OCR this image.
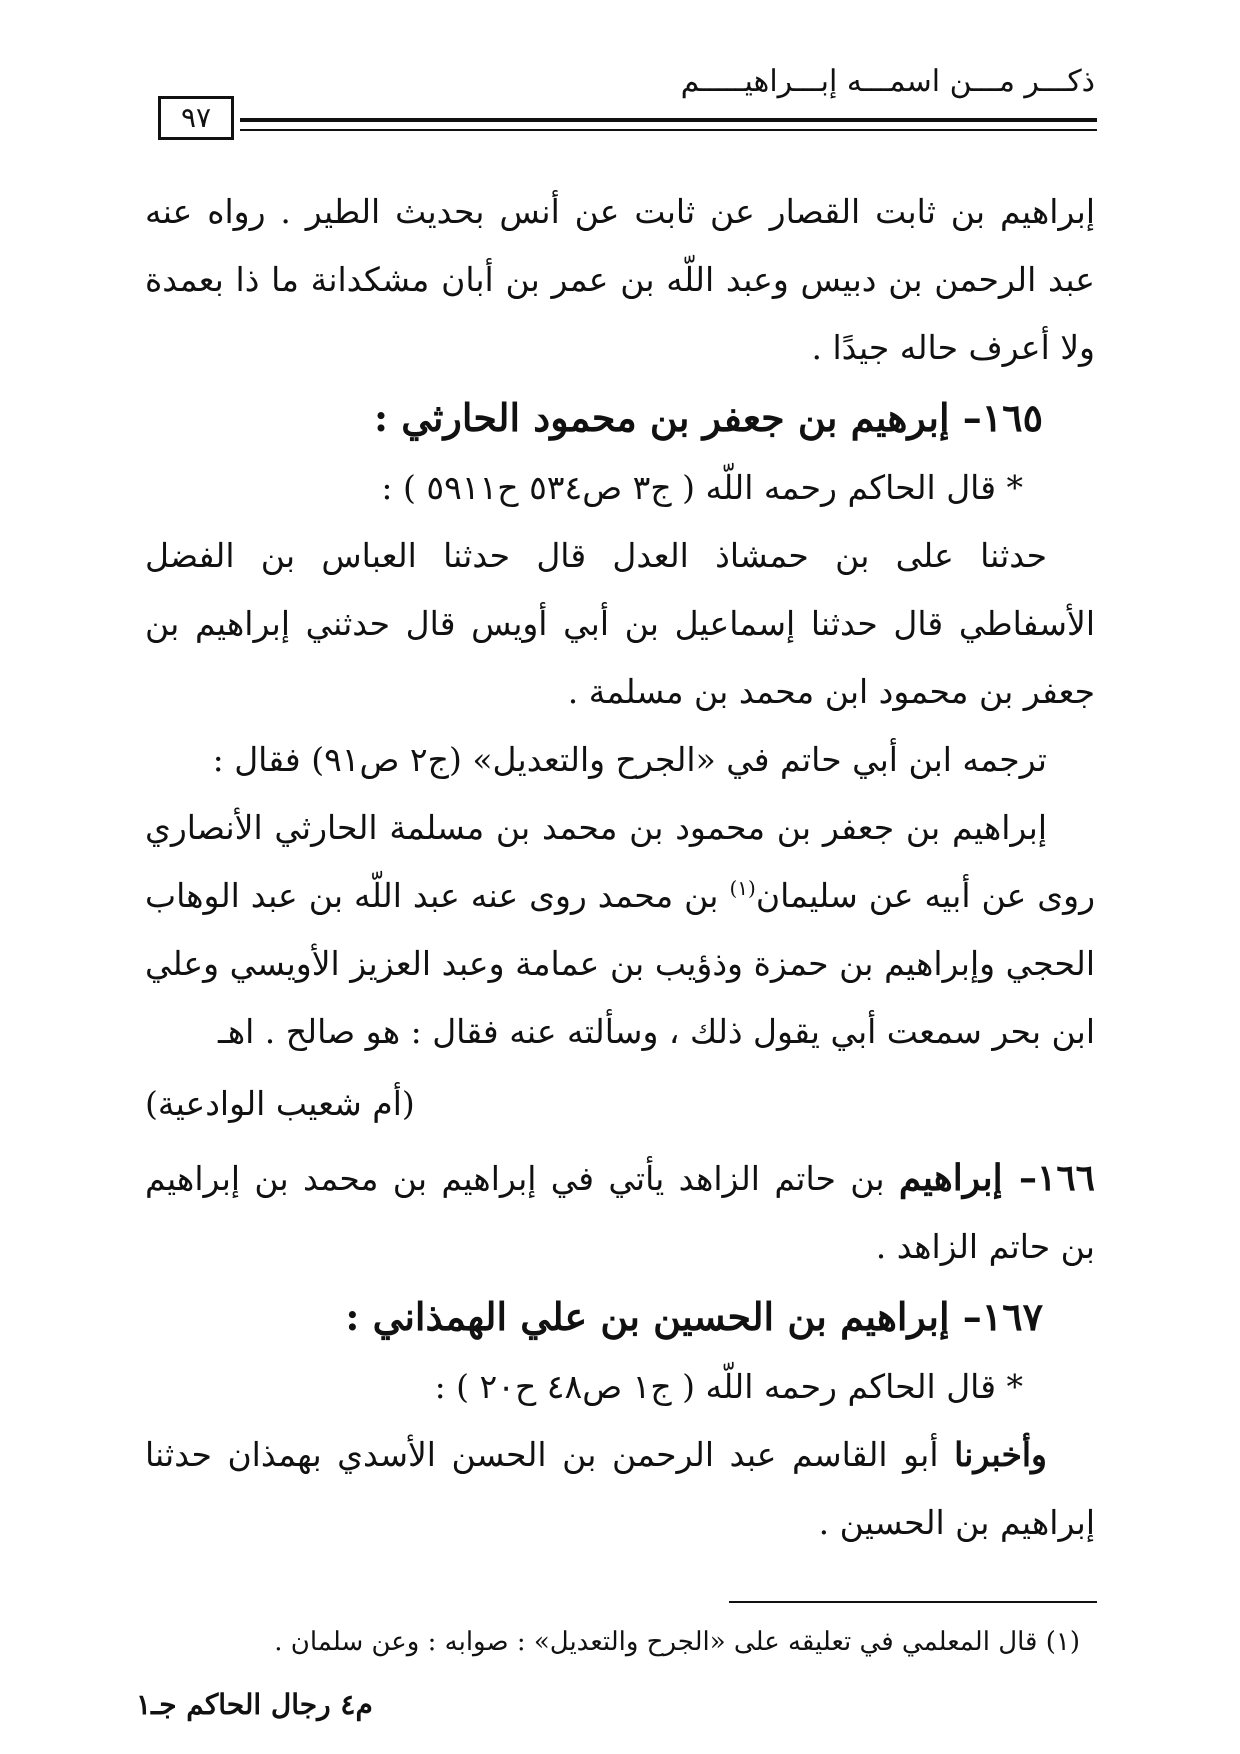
ذكـــر مـــن اسمـــه إبـــراهيـــــم
٩٧

إبراهيم بن ثابت القصار عن ثابت عن أنس بحديث الطير . رواه عنه عبد الرحمن بن دبيس وعبد اللّه بن عمر بن أبان مشكدانة ما ذا بعمدة ولا أعرف حاله جيدًا .

١٦٥– إبرهيم بن جعفر بن محمود الحارثي :

* قال الحاكم رحمه اللّه ( ج٣ ص٥٣٤ ح٥٩١١ ) :

حدثنا على بن حمشاذ العدل قال حدثنا العباس بن الفضل الأسفاطي قال حدثنا إسماعيل بن أبي أويس قال حدثني إبراهيم بن جعفر بن محمود ابن محمد بن مسلمة .

ترجمه ابن أبي حاتم في «الجرح والتعديل» (ج٢ ص٩١) فقال :

إبراهيم بن جعفر بن محمود بن محمد بن مسلمة الحارثي الأنصاري روى عن أبيه عن سليمان$^{(١)}$ بن محمد روى عنه عبد اللّه بن عبد الوهاب الحجي وإبراهيم بن حمزة وذؤيب بن عمامة وعبد العزيز الأويسي وعلي ابن بحر سمعت أبي يقول ذلك ، وسألته عنه فقال : هو صالح . اهـ

(أم شعيب الوادعية)

١٦٦– إبراهيم بن حاتم الزاهد يأتي في إبراهيم بن محمد بن إبراهيم بن حاتم الزاهد .

١٦٧– إبراهيم بن الحسين بن علي الهمذاني :

* قال الحاكم رحمه اللّه ( ج١ ص٤٨ ح٢٠ ) :

وأخبرنا أبو القاسم عبد الرحمن بن الحسن الأسدي بهمذان حدثنا إبراهيم بن الحسين .

(١) قال المعلمي في تعليقه على «الجرح والتعديل» : صوابه : وعن سلمان .
م٤ رجال الحاكم جـ١
